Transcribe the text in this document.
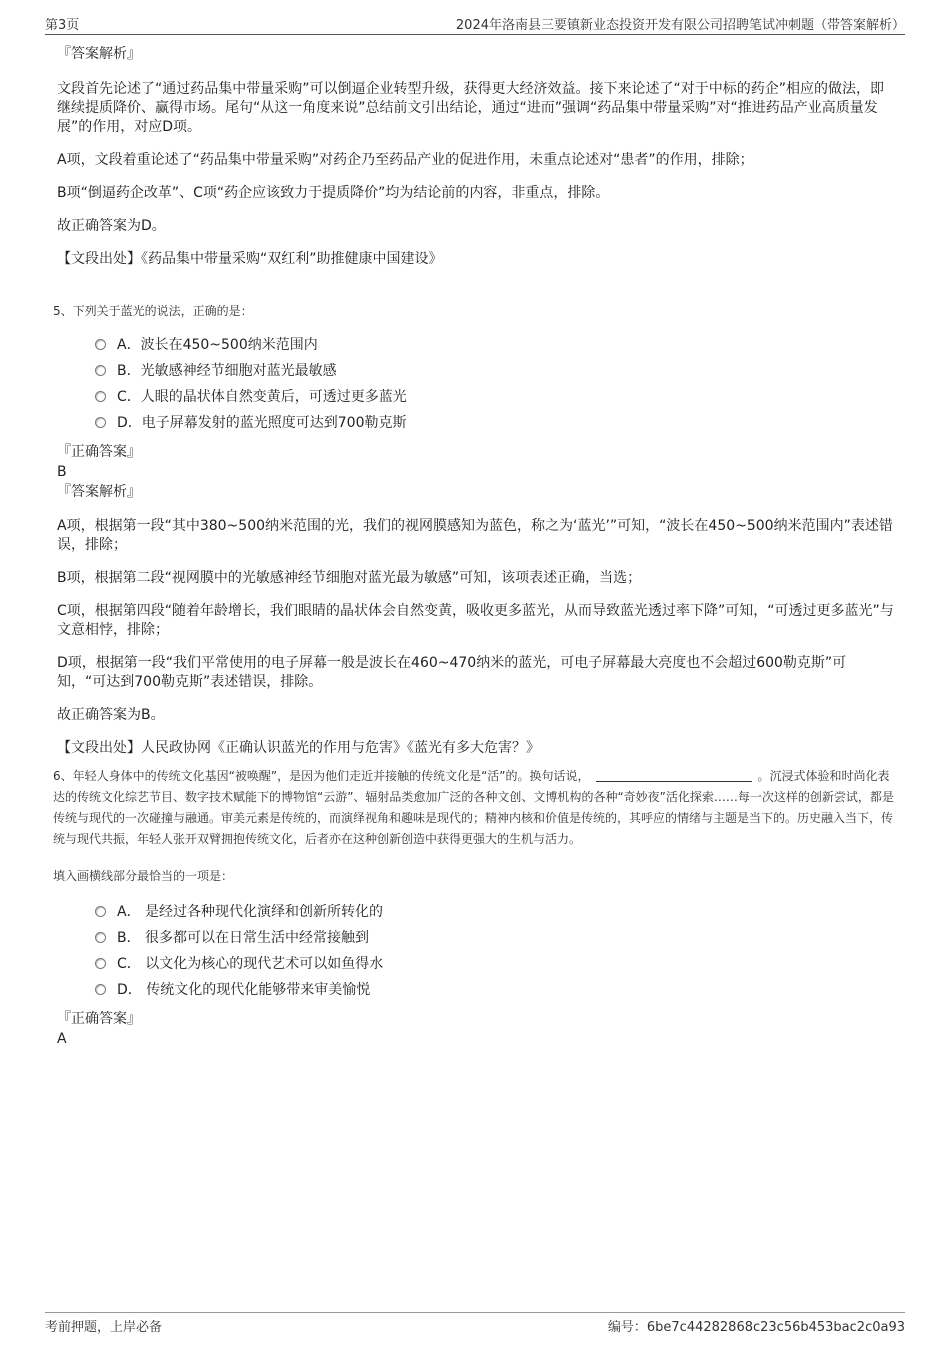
第3页	2024年洛南县三要镇新业态投资开发有限公司招聘笔试冲刺题（带答案解析）
『答案解析』

文段首先论述了“通过药品集中带量采购”可以倒逼企业转型升级，获得更大经济效益。接下来论述了“对于中标的药企”相应的做法，即继续提质降价、赢得市场。尾句“从这一角度来说”总结前文引出结论，通过“进而”强调“药品集中带量采购”对“推进药品产业高质量发展”的作用，对应D项。

A项，文段着重论述了“药品集中带量采购”对药企乃至药品产业的促进作用，未重点论述对“患者”的作用，排除；

B项“倒逼药企改革”、C项“药企应该致力于提质降价”均为结论前的内容，非重点，排除。

故正确答案为D。

【文段出处】《药品集中带量采购“双红利”助推健康中国建设》

5、下列关于蓝光的说法，正确的是：

A．波长在450~500纳米范围内
B．光敏感神经节细胞对蓝光最敏感
C．人眼的晶状体自然变黄后，可透过更多蓝光
D．电子屏幕发射的蓝光照度可达到700勒克斯
『正确答案』
B
『答案解析』

A项，根据第一段“其中380~500纳米范围的光，我们的视网膜感知为蓝色，称之为‘蓝光’”可知，“波长在450~500纳米范围内”表述错误，排除；

B项，根据第二段“视网膜中的光敏感神经节细胞对蓝光最为敏感”可知，该项表述正确，当选；

C项，根据第四段“随着年龄增长，我们眼睛的晶状体会自然变黄，吸收更多蓝光，从而导致蓝光透过率下降”可知，“可透过更多蓝光”与文意相悖，排除；

D项，根据第一段“我们平常使用的电子屏幕一般是波长在460~470纳米的蓝光，可电子屏幕最大亮度也不会超过600勒克斯”可知，“可达到700勒克斯”表述错误，排除。

故正确答案为B。

【文段出处】人民政协网《正确认识蓝光的作用与危害》《蓝光有多大危害？》

6、年轻人身体中的传统文化基因“被唤醒”，是因为他们走近并接触的传统文化是“活”的。换句话说，	。沉浸式体验和时尚化表达的传统文化综艺节目、数字技术赋能下的博物馆“云游”、辐射品类愈加广泛的各种文创、文博机构的各种“奇妙夜”活化探索……每一次这样的创新尝试，都是传统与现代的一次碰撞与融通。审美元素是传统的，而演绎视角和趣味是现代的；精神内核和价值是传统的，其呼应的情绪与主题是当下的。历史融入当下，传统与现代共振，年轻人张开双臂拥抱传统文化，后者亦在这种创新创造中获得更强大的生机与活力。

填入画横线部分最恰当的一项是：

A． 是经过各种现代化演绎和创新所转化的
B． 很多都可以在日常生活中经常接触到
C． 以文化为核心的现代艺术可以如鱼得水
D． 传统文化的现代化能够带来审美愉悦
『正确答案』
A
考前押题，上岸必备	编号：6be7c44282868c23c56b453bac2c0a93
